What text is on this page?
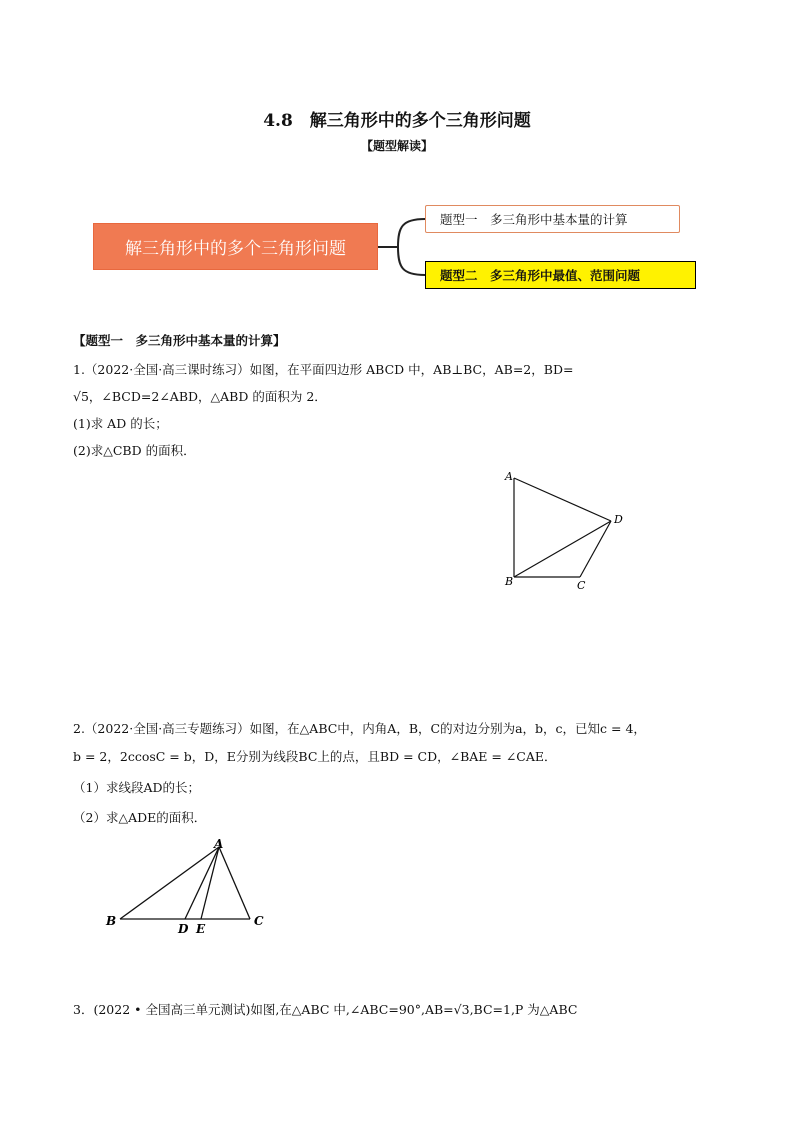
4.8　解三角形中的多个三角形问题
【题型解读】
解三角形中的多个三角形问题
题型一　多三角形中基本量的计算
题型二　多三角形中最值、范围问题
【题型一　多三角形中基本量的计算】
1.（2022·全国·高三课时练习）如图，在平面四边形 ABCD 中，AB⊥BC，AB=2，BD=
√5，∠BCD=2∠ABD，△ABD 的面积为 2．
(1)求 AD 的长；
(2)求△CBD 的面积．
A
D
B	C
2.（2022·全国·高三专题练习）如图，在△ABC中，内角A，B，C的对边分别为a，b，c，已知c = 4，
b = 2，2ccosC = b，D，E分别为线段BC上的点，且BD = CD，∠BAE = ∠CAE．
（1）求线段AD的长；
（2）求△ADE的面积．
A
B
D E
C
3．(2022 • 全国高三单元测试)如图,在△ABC 中,∠ABC=90°,AB=√3,BC=1,P 为△ABC
